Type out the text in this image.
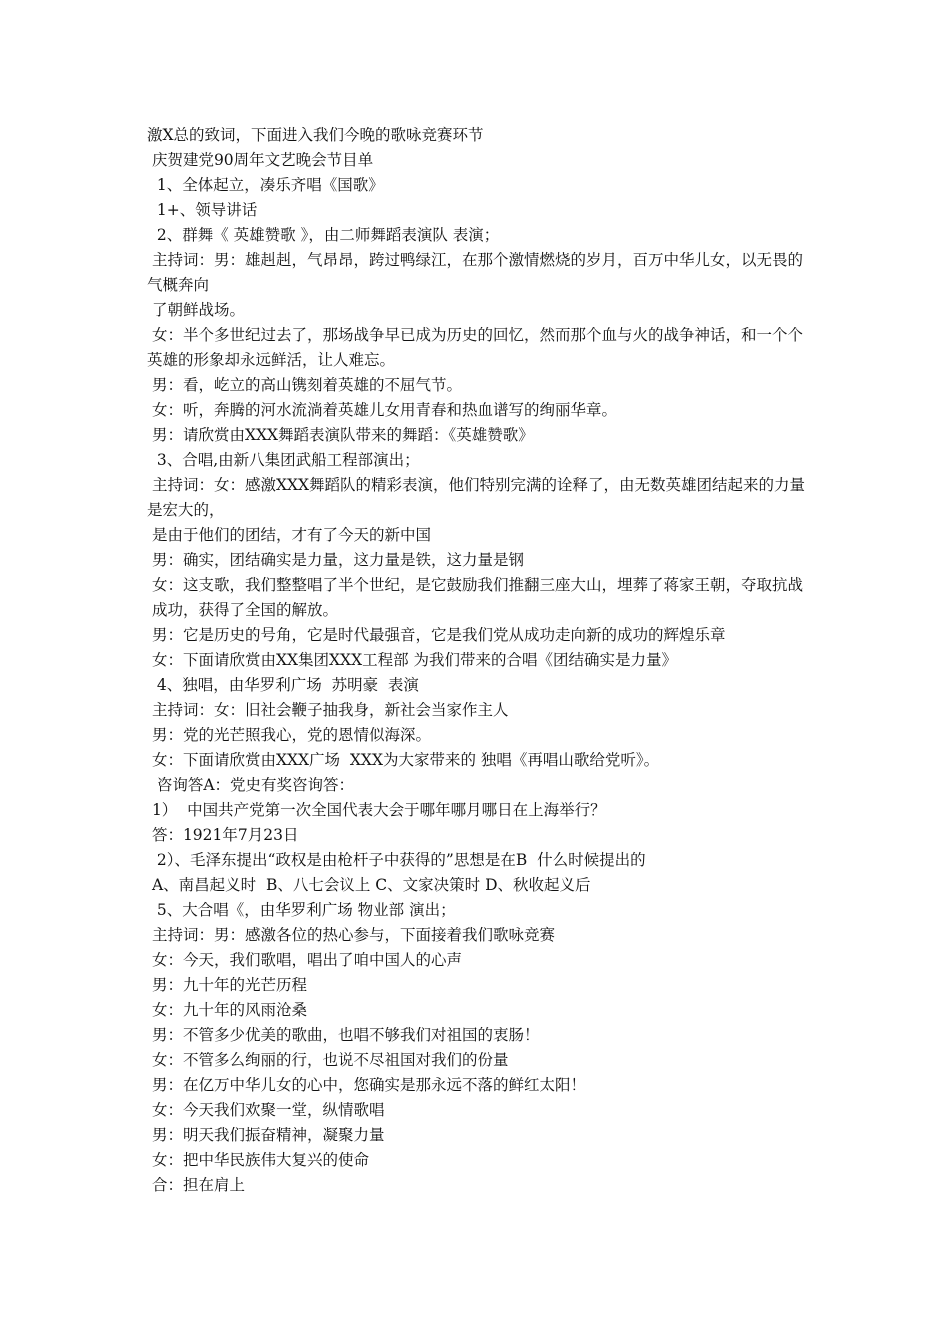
激X总的致词，下面进入我们今晚的歌咏竞赛环节

庆贺建党90周年文艺晚会节目单

1、全体起立，凑乐齐唱《国歌》

1+、领导讲话

2、群舞《 英雄赞歌 》，由二师舞蹈表演队 表演；

主持词：男：雄赳赳，气昂昂，跨过鸭绿江，在那个激情燃烧的岁月，百万中华儿女，以无畏的气概奔向

了朝鲜战场。

女：半个多世纪过去了，那场战争早已成为历史的回忆，然而那个血与火的战争神话，和一个个英雄的形象却永远鲜活，让人难忘。

男：看，屹立的高山镌刻着英雄的不屈气节。

女：听，奔腾的河水流淌着英雄儿女用青春和热血谱写的绚丽华章。

男：请欣赏由XXX舞蹈表演队带来的舞蹈：《英雄赞歌》

3、合唱,由新八集团武船工程部演出；

主持词：女：感激XXX舞蹈队的精彩表演，他们特别完满的诠释了，由无数英雄团结起来的力量是宏大的，

是由于他们的团结，才有了今天的新中国

男：确实，团结确实是力量，这力量是铁，这力量是钢

女：这支歌，我们整整唱了半个世纪，是它鼓励我们推翻三座大山，埋葬了蒋家王朝，夺取抗战

成功，获得了全国的解放。

男：它是历史的号角，它是时代最强音，它是我们党从成功走向新的成功的辉煌乐章

女：下面请欣赏由XX集团XXX工程部 为我们带来的合唱《团结确实是力量》

4、独唱，由华罗利广场  苏明豪  表演

主持词：女：旧社会鞭子抽我身，新社会当家作主人

男：党的光芒照我心，党的恩情似海深。

女：下面请欣赏由XXX广场  XXX为大家带来的 独唱《再唱山歌给党听》。

咨询答A：党史有奖咨询答：

1）  中国共产党第一次全国代表大会于哪年哪月哪日在上海举行？

答：1921年7月23日

2）、毛泽东提出“政权是由枪杆子中获得的”思想是在B  什么时候提出的

A、南昌起义时  B、八七会议上 C、文家决策时 D、秋收起义后

5、大合唱《，由华罗利广场 物业部 演出；

主持词：男：感激各位的热心参与，下面接着我们歌咏竞赛

女：今天，我们歌唱，唱出了咱中国人的心声

男：九十年的光芒历程

女：九十年的风雨沧桑

男：不管多少优美的歌曲，也唱不够我们对祖国的衷肠！

女：不管多么绚丽的行，也说不尽祖国对我们的份量

男：在亿万中华儿女的心中，您确实是那永远不落的鲜红太阳！

女：今天我们欢聚一堂，纵情歌唱

男：明天我们振奋精神，凝聚力量

女：把中华民族伟大复兴的使命

合：担在肩上
